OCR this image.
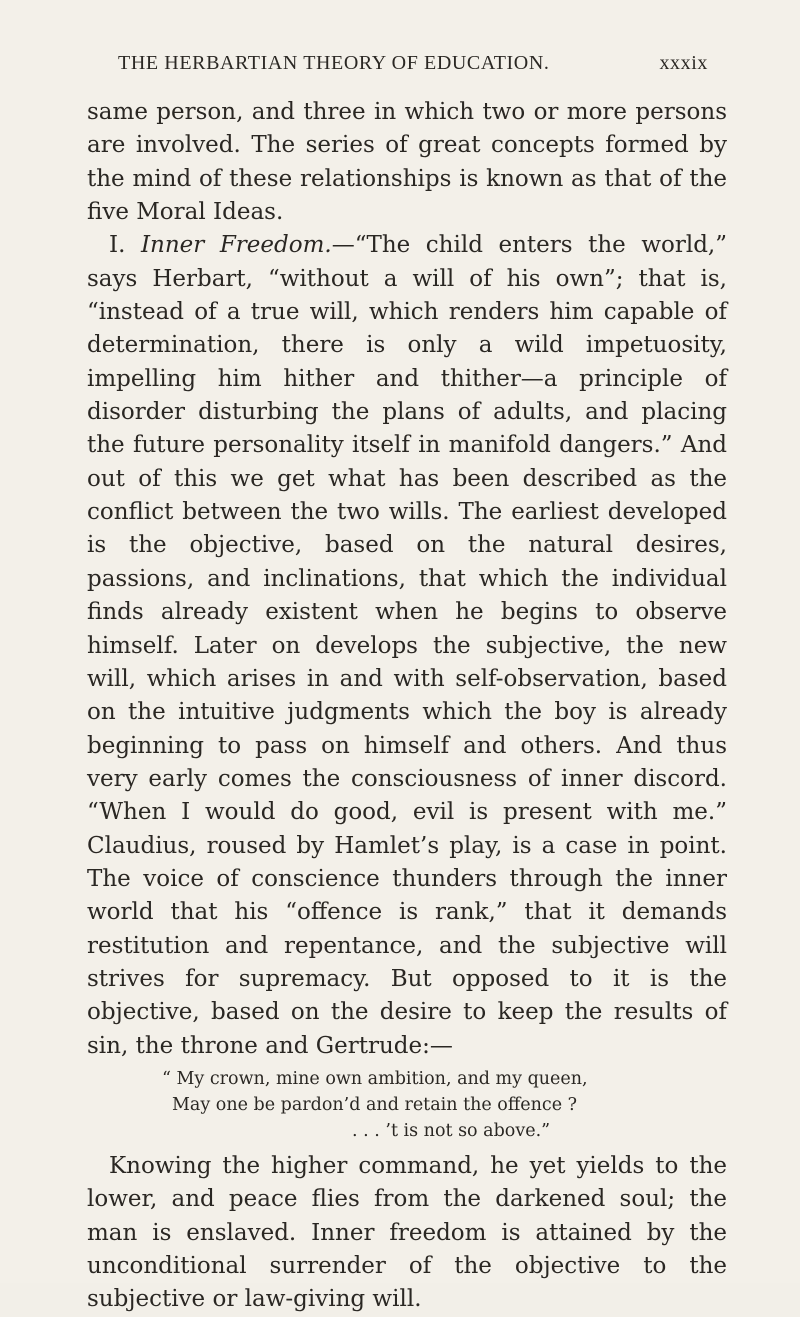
THE HERBARTIAN THEORY OF EDUCATION.	xxxix

same person, and three in which two or more persons are involved. The series of great concepts formed by the mind of these relationships is known as that of the five Moral Ideas.

I. Inner Freedom.—“The child enters the world,” says Herbart, “without a will of his own”; that is, “instead of a true will, which renders him capable of determination, there is only a wild impetuosity, impelling him hither and thither—a principle of disorder disturbing the plans of adults, and placing the future personality itself in manifold dangers.” And out of this we get what has been described as the conflict between the two wills. The earliest developed is the objective, based on the natural desires, passions, and inclinations, that which the individual finds already existent when he begins to observe himself. Later on develops the subjective, the new will, which arises in and with self-observation, based on the intuitive judgments which the boy is already beginning to pass on himself and others. And thus very early comes the consciousness of inner discord. “When I would do good, evil is present with me.” Claudius, roused by Hamlet’s play, is a case in point. The voice of conscience thunders through the inner world that his “offence is rank,” that it demands restitution and repentance, and the subjective will strives for supremacy. But opposed to it is the objective, based on the desire to keep the results of sin, the throne and Gertrude:—

“ My crown, mine own ambition, and my queen,
May one be pardon’d and retain the offence ?
. . . ’t is not so above.”

Knowing the higher command, he yet yields to the lower, and peace flies from the darkened soul; the man is enslaved. Inner freedom is attained by the unconditional surrender of the objective to the subjective or law-giving will.
